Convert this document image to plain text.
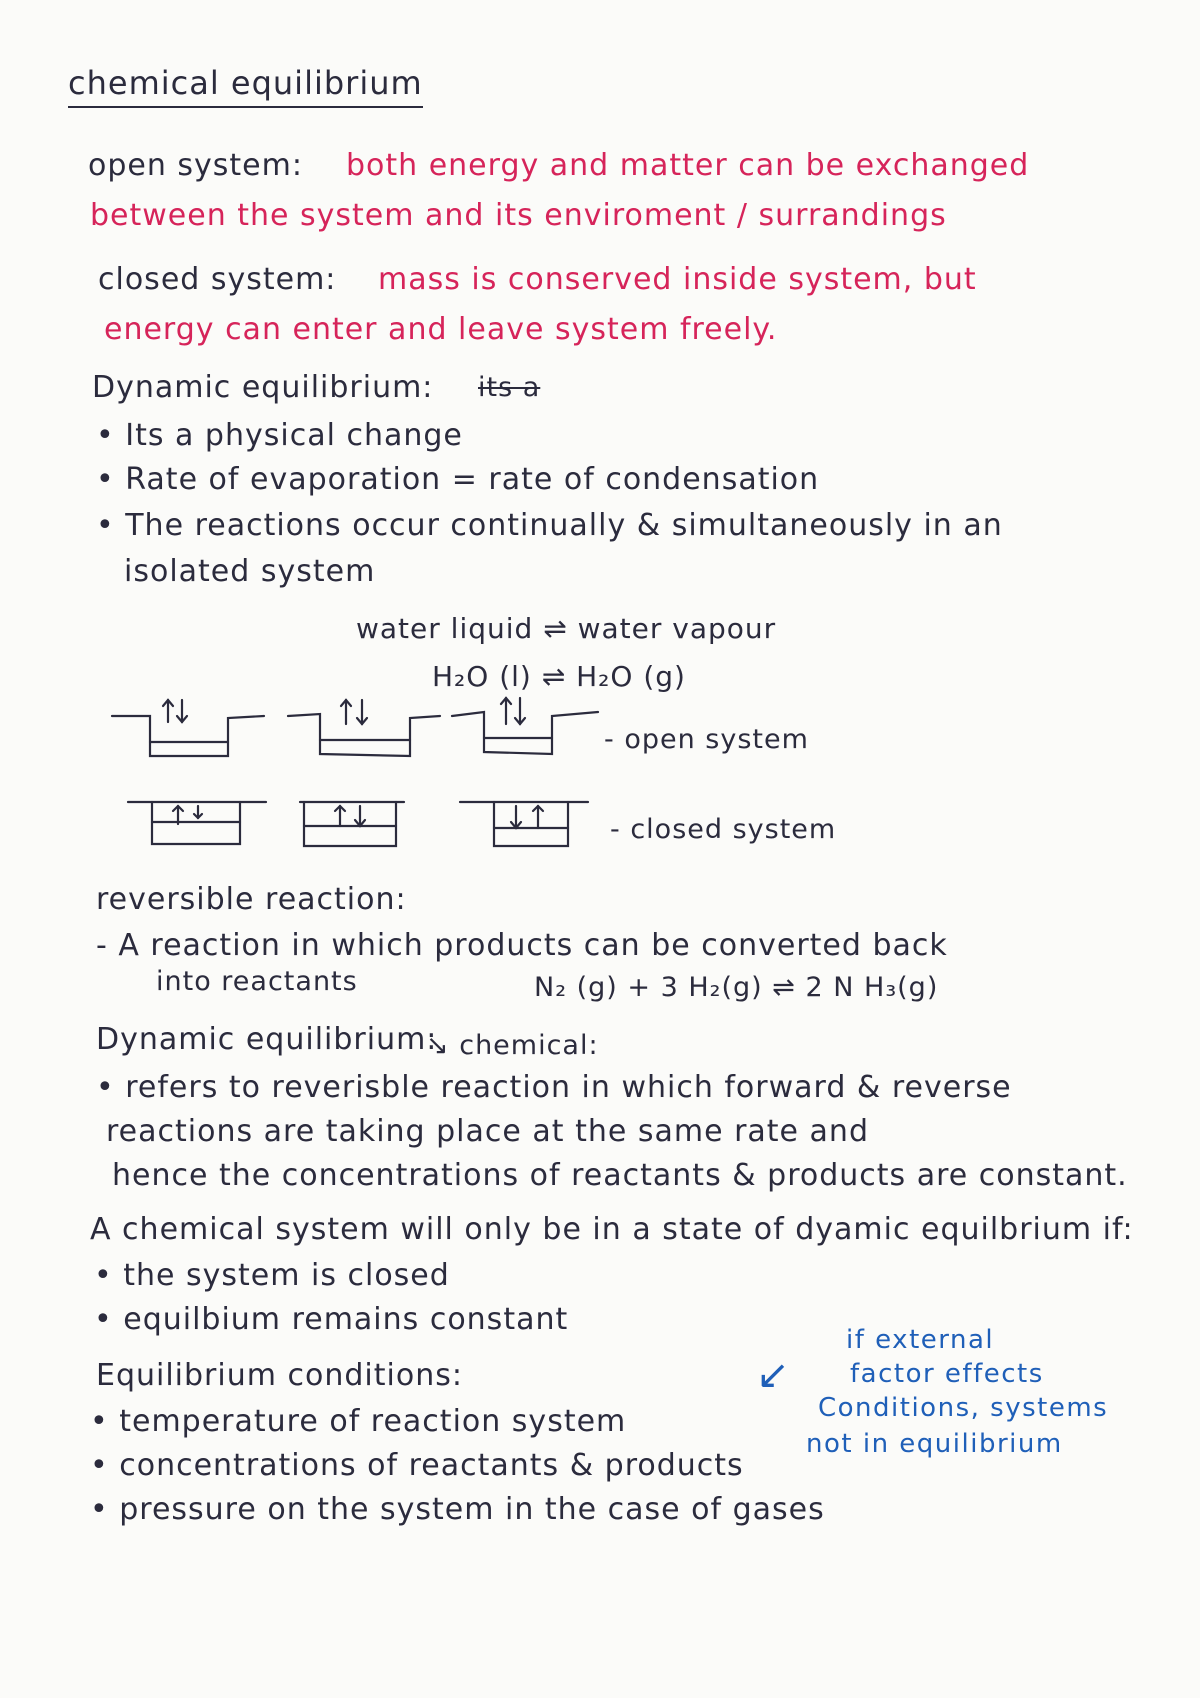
chemical equilibrium
open system: both energy and matter can be exchanged
between the system and its enviroment / surrandings
closed system: mass is conserved inside system, but
energy can enter and leave system freely.
Dynamic equilibrium: its a
• Its a physical change
• Rate of evaporation = rate of condensation
• The reactions occur continually & simultaneously in an
isolated system
water liquid ⇌ water vapour
H₂O (l) ⇌ H₂O (g)
- open system
- closed system
reversible reaction:
- A reaction in which products can be converted back
into reactants	N₂ (g) + 3 H₂(g) ⇌ 2 N H₃(g)
Dynamic equilibrium:
↘ chemical:
• refers to reverisble reaction in which forward & reverse
reactions are taking place at the same rate and
hence the concentrations of reactants & products are constant.
A chemical system will only be in a state of dyamic equilbrium if:
• the system is closed
• equilbium remains constant
Equilibrium conditions:
• temperature of reaction system
• concentrations of reactants & products
• pressure on the system in the case of gases
↙
if external
factor effects
Conditions, systems
not in equilibrium
